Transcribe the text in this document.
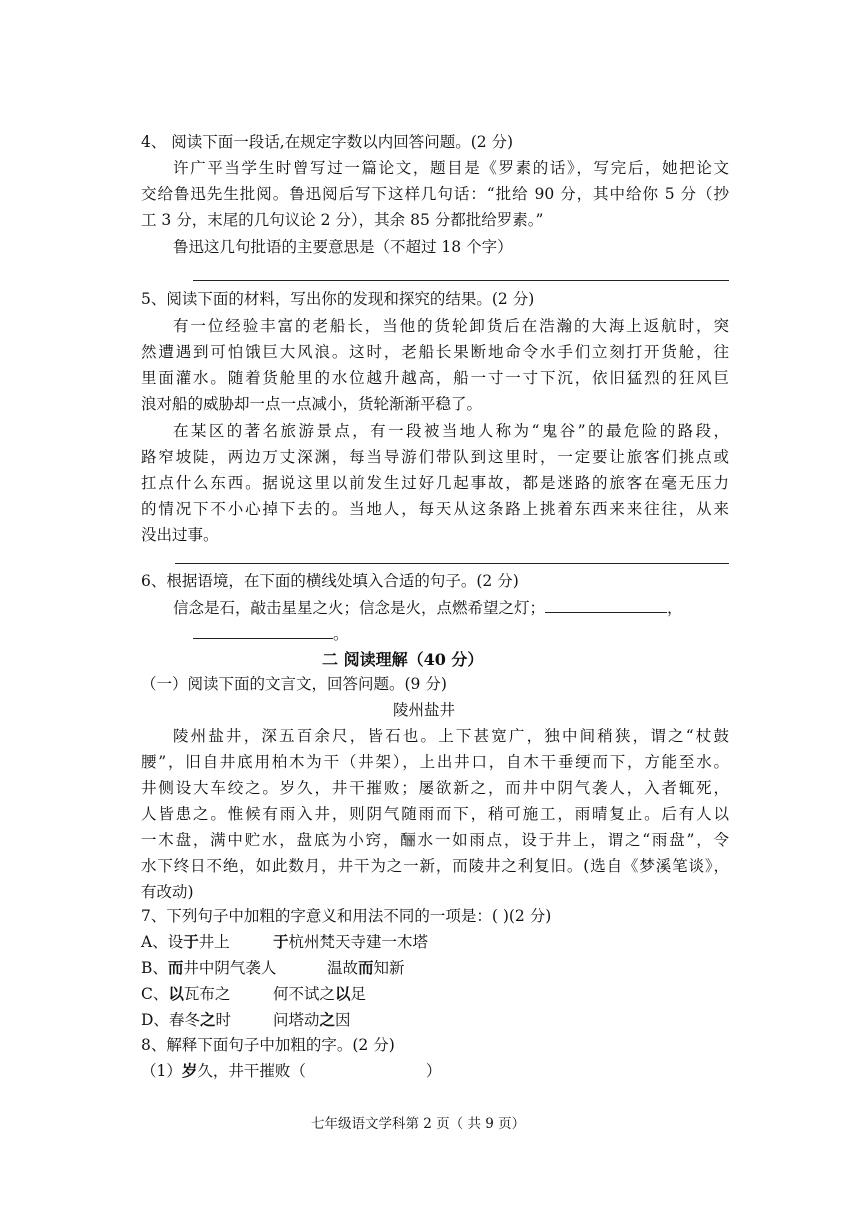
4、 阅读下面一段话,在规定字数以内回答问题。(2 分)
许广平当学生时曾写过一篇论文，题目是《罗素的话》，写完后，她把论文
交给鲁迅先生批阅。鲁迅阅后写下这样几句话：“批给 90 分，其中给你 5 分（抄
工 3 分，末尾的几句议论 2 分），其余 85 分都批给罗素。”
鲁迅这几句批语的主要意思是（不超过 18 个字）
5、阅读下面的材料，写出你的发现和探究的结果。(2 分)
有一位经验丰富的老船长，当他的货轮卸货后在浩瀚的大海上返航时，突
然遭遇到可怕饿巨大风浪。这时，老船长果断地命令水手们立刻打开货舱，往
里面灌水。随着货舱里的水位越升越高，船一寸一寸下沉，依旧猛烈的狂风巨
浪对船的威胁却一点一点减小，货轮渐渐平稳了。
在某区的著名旅游景点，有一段被当地人称为“鬼谷”的最危险的路段，
路窄坡陡，两边万丈深渊，每当导游们带队到这里时，一定要让旅客们挑点或
扛点什么东西。据说这里以前发生过好几起事故，都是迷路的旅客在毫无压力
的情况下不小心掉下去的。当地人，每天从这条路上挑着东西来来往往，从来
没出过事。
6、根据语境，在下面的横线处填入合适的句子。(2 分)
信念是石，敲击星星之火；信念是火，点燃希望之灯；	，
。
二 阅读理解（40 分）
（一）阅读下面的文言文，回答问题。(9 分)
陵州盐井
陵州盐井，深五百余尺，皆石也。上下甚宽广，独中间稍狭，谓之“杖鼓
腰”，旧自井底用柏木为干（井架），上出井口，自木干垂绠而下，方能至水。
井侧设大车绞之。岁久，井干摧败；屡欲新之，而井中阴气袭人，入者辄死，
人皆患之。惟候有雨入井，则阴气随雨而下，稍可施工，雨晴复止。后有人以
一木盘，满中贮水，盘底为小窍，酾水一如雨点，设于井上，谓之“雨盘”，令
水下终日不绝，如此数月，井干为之一新，而陵井之利复旧。(选自《梦溪笔谈》，
有改动)
7、下列句子中加粗的字意义和用法不同的一项是：( )(2 分)
A、设于井上	于杭州梵天寺建一木塔
B、而井中阴气袭人	温故而知新
C、以瓦布之	何不试之以足
D、春冬之时	问塔动之因
8、解释下面句子中加粗的字。(2 分)
（1）岁久，井干摧败（	）
七年级语文学科第 2 页（ 共 9 页）
